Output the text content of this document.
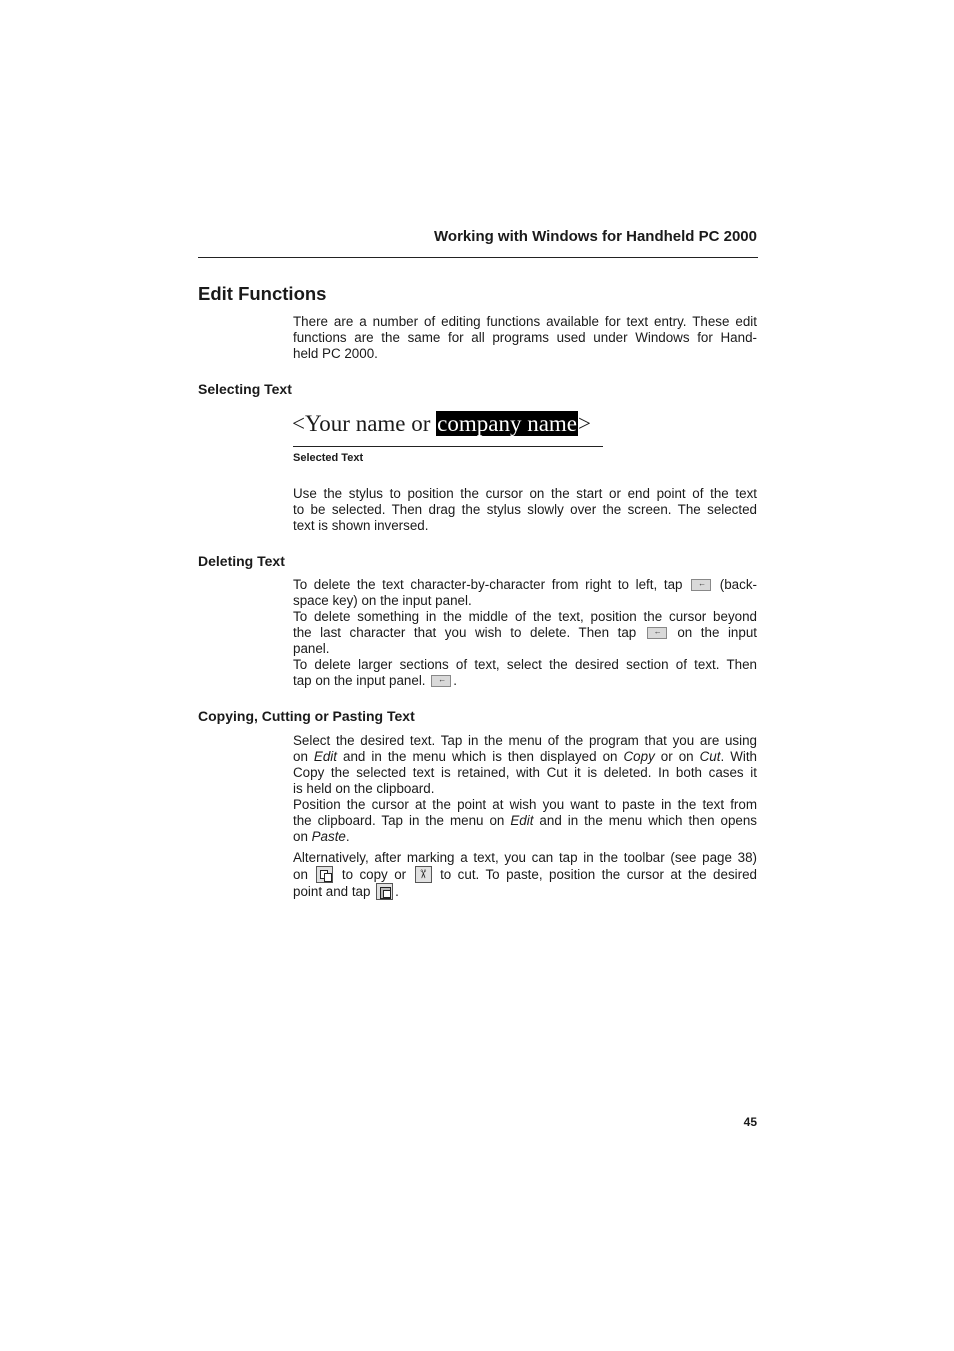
Working with Windows for Handheld PC 2000
Edit Functions
There are a number of editing functions available for text entry. These edit
functions are the same for all programs used under Windows for Hand-
held PC 2000.
Selecting Text
<Your name or company name>
Selected Text
Use the stylus to position the cursor on the start or end point of the text
to be selected. Then drag the stylus slowly over the screen. The selected
text is shown inversed.
Deleting Text
To delete the text character-by-character from right to left, tap ←	(back-
space key) on the input panel.
To delete something in the middle of the text, position the cursor beyond
the last character that you wish to delete. Then tap ←	on the input
panel.
To delete larger sections of text, select the desired section of text. Then
tap on the input panel. ← .
Copying, Cutting or Pasting Text
Select the desired text. Tap in the menu of the program that you are using
on Edit and in the menu which is then displayed on Copy or on Cut. With
Copy the selected text is retained, with Cut it is deleted. In both cases it
is held on the clipboard.
Position the cursor at the point at wish you want to paste in the text from
the clipboard. Tap in the menu on Edit and in the menu which then opens
on Paste.
Alternatively, after marking a text, you can tap in the toolbar (see page 38)
on	to copy or ✂	to cut. To paste, position the cursor at the desired
point and tap .
45
